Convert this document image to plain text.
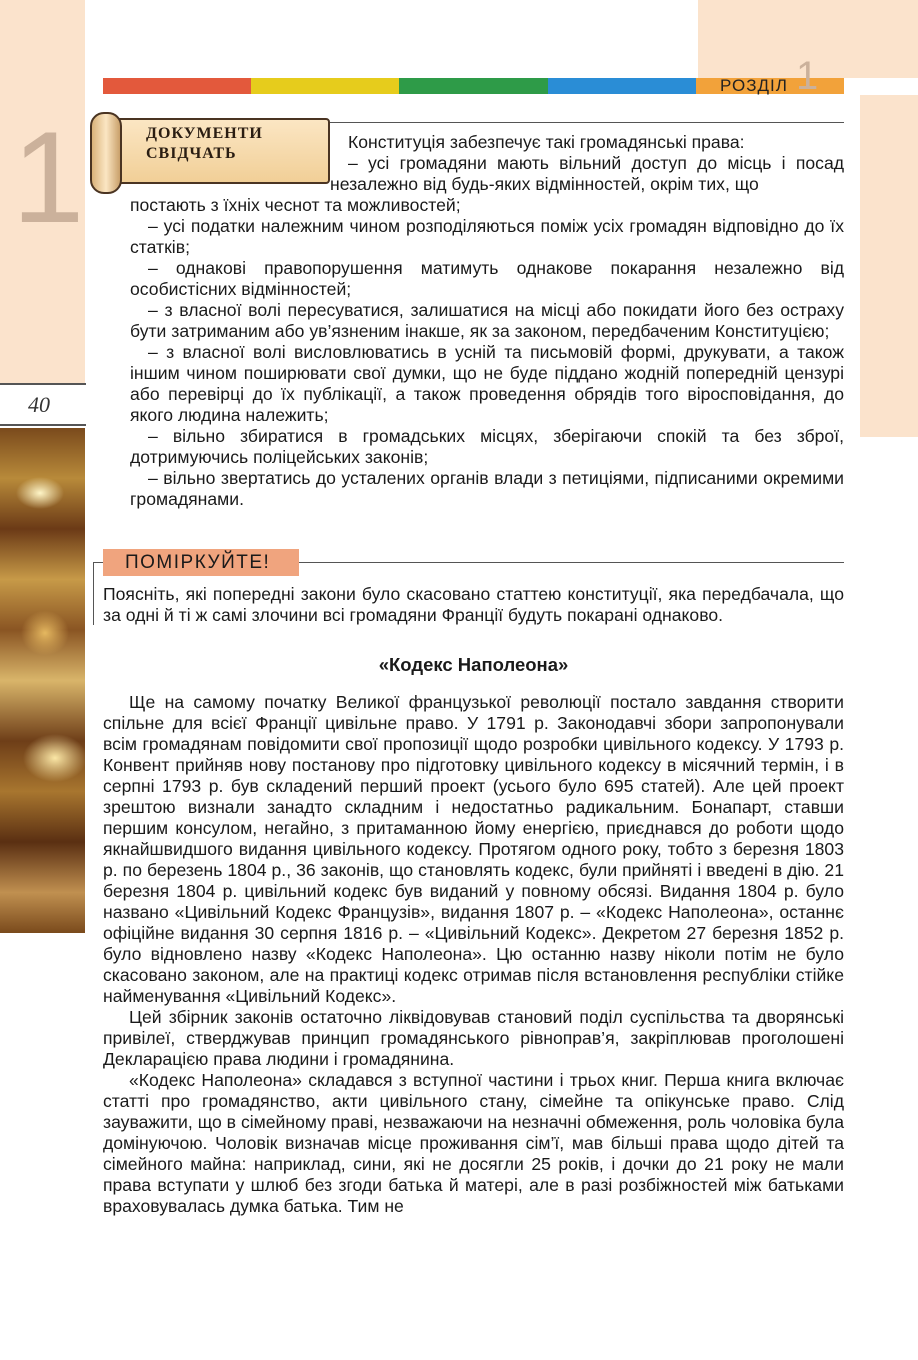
1
40
РОЗДІЛ 1
ДОКУМЕНТИ
СВІДЧАТЬ
Конституція забезпечує такі громадянські права:
– усі громадяни мають вільний доступ до місць і посад незалежно від будь-яких відмінностей, окрім тих, що

постають з їхніх чеснот та можливостей;

– усі податки належним чином розподіляються поміж усіх громадян відповідно до їх статків;

– однакові правопорушення матимуть однакове покарання незалежно від особистісних відмінностей;

– з власної волі пересуватися, залишатися на місці або покидати його без остраху бути затриманим або ув’язненим інакше, як за законом, передбаченим Конституцією;

– з власної волі висловлюватись в усній та письмовій формі, друкувати, а також іншим чином поширювати свої думки, що не буде піддано жодній попередній цензурі або перевірці до їх публікації, а також проведення обрядів того віросповідання, до якого людина належить;

– вільно збиратися в громадських місцях, зберігаючи спокій та без зброї, дотримуючись поліцейських законів;

– вільно звертатись до усталених органів влади з петиціями, підписаними окремими громадянами.

ПОМІРКУЙТЕ!
Поясніть, які попередні закони було скасовано статтею конституції, яка передбачала, що за одні й ті ж самі злочини всі громадяни Франції будуть покарані однаково.
«Кодекс Наполеона»

Ще на самому початку Великої французької революції постало завдання створити спільне для всієї Франції цивільне право. У 1791 р. Законодавчі збори запропонували всім громадянам повідомити свої пропозиції щодо розробки цивільного кодексу. У 1793 р. Конвент прийняв нову постанову про підготовку цивільного кодексу в місячний термін, і в серпні 1793 р. був складений перший проект (усього було 695 статей). Але цей проект зрештою визнали занадто складним і недостатньо радикальним. Бонапарт, ставши першим консулом, негайно, з притаманною йому енергією, приєднався до роботи щодо якнайшвидшого видання цивільного кодексу. Протягом одного року, тобто з березня 1803 р. по березень 1804 р., 36 законів, що становлять кодекс, були прийняті і введені в дію. 21 березня 1804 р. цивільний кодекс був виданий у повному обсязі. Видання 1804 р. було названо «Цивільний Кодекс Французів», видання 1807 р. – «Кодекс Наполеона», останнє офіційне видання 30 серпня 1816 р. – «Цивільний Кодекс». Декретом 27 березня 1852 р. було відновлено назву «Кодекс Наполеона». Цю останню назву ніколи потім не було скасовано законом, але на практиці кодекс отримав після встановлення республіки стійке найменування «Цивільний Кодекс».

Цей збірник законів остаточно ліквідовував становий поділ суспільства та дворянські привілеї, стверджував принцип громадянського рівноправ’я, закріплював проголошені Декларацією права людини і громадянина.

«Кодекс Наполеона» складався з вступної частини і трьох книг. Перша книга включає статті про громадянство, акти цивільного стану, сімейне та опікунське право. Слід зауважити, що в сімейному праві, незважаючи на незначні обмеження, роль чоловіка була домінуючою. Чоловік визначав місце проживання сім’ї, мав більші права щодо дітей та сімейного майна: наприклад, сини, які не досягли 25 років, і дочки до 21 року не мали права вступати у шлюб без згоди батька й матері, але в разі розбіжностей між батьками враховувалась думка батька. Тим не
